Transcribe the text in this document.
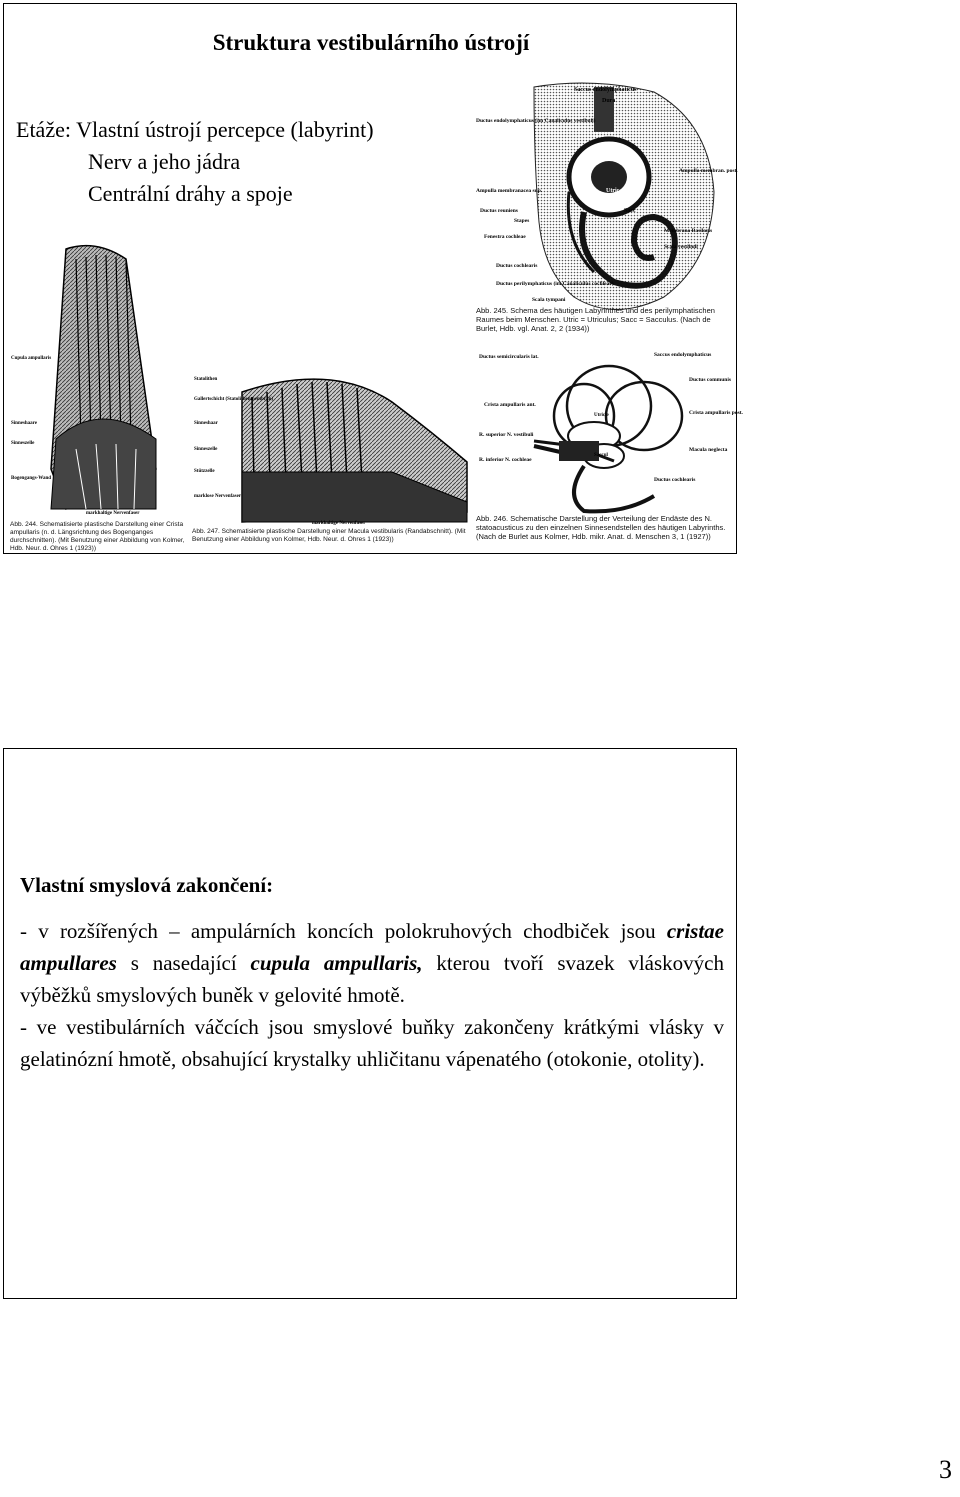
Struktura vestibulárního ústrojí
Etáže: Vlastní ústrojí percepce (labyrint)
Nerv a jeho jádra
Centrální dráhy a spoje
Saccus endolymphaticus
Dura
Ductus endolymphaticus (im Canaliculus vestibuli)
Ampulla membranacea sup.
Ductus reuniens
Stapes
Fenestra cochleae
Ductus cochlearis
Ductus perilymphaticus (im Canaliculus cochleae)
Scala tympani
Ampulla membran. post.
Membrana Basilaris
Scala vestibuli
Utric
Sacc
Abb. 245. Schema des häutigen Labyrinthes und des perilymphatischen Raumes beim Menschen. Utric = Utriculus; Sacc = Sacculus. (Nach de Burlet, Hdb. vgl. Anat. 2, 2 (1934))
Ductus semicircularis lat.	Saccus endolymphaticus
Ductus communis
Crista ampullaris ant.
Crista ampullaris post.
R. superior N. vestibuli
R. inferior N. cochleae
Macula neglecta
Ductus cochlearis
Utricle
Saccul
Abb. 246. Schematische Darstellung der Verteilung der Endäste des N. statoacusticus zu den einzelnen Sinnesendstellen des häutigen Labyrinths. (Nach de Burlet aus Kolmer, Hdb. mikr. Anat. d. Menschen 3, 1 (1927))
Cupula ampullaris
Sinneshaare
Sinneszelle
Bogengangs-Wand
markhaltige Nervenfaser
Abb. 244. Schematisierte plastische Darstellung einer Crista ampullaris (n. d. Längsrichtung des Bogenganges durchschnitten). (Mit Benutzung einer Abbildung von Kolmer, Hdb. Neur. d. Ohres 1 (1923))
Statolithen
Gallertschicht (Statolithenmembran)
Sinneshaar
Sinneszelle
Stützzelle
marklose Nervenfaser
markhaltige Nervenfaser
Abb. 247. Schematisierte plastische Darstellung einer Macula vestibularis (Randabschnitt). (Mit Benutzung einer Abbildung von Kolmer, Hdb. Neur. d. Ohres 1 (1923))
Vlastní smyslová zakončení:
- v rozšířených – ampulárních koncích polokruhových chodbiček jsou cristae ampullares s nasedající cupula ampullaris, kterou tvoří svazek vláskových výběžků smyslových buněk v gelovité hmotě.
- ve vestibulárních váčcích jsou smyslové buňky zakončeny krátkými vlásky v gelatinózní hmotě, obsahující krystalky uhličitanu vápenatého (otokonie, otolity).
3
